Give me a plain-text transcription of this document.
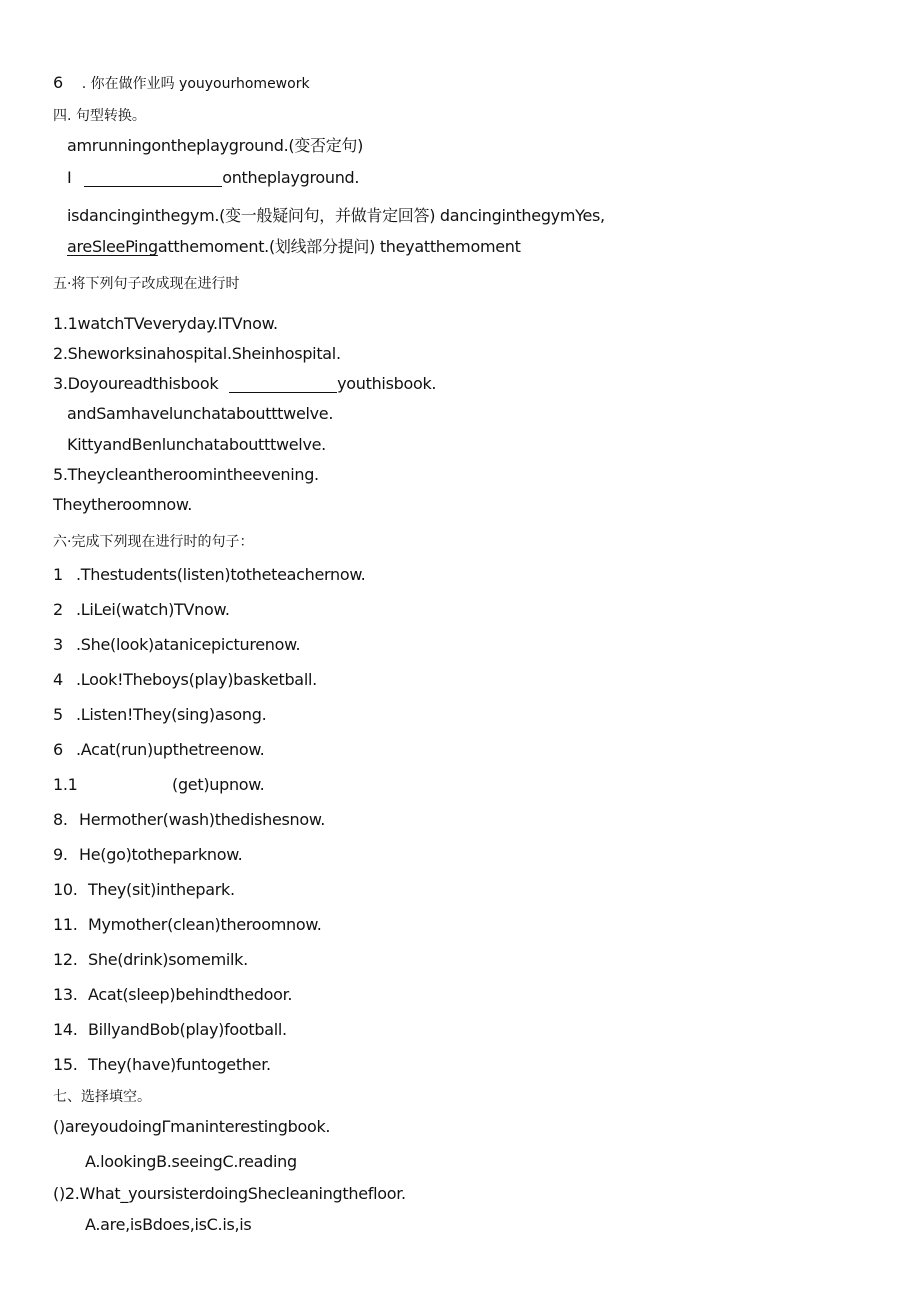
6 . 你在做作业吗 youyourhomework
四. 句型转换。
amrunningontheplayground.(变否定句)
I	ontheplayground.
isdancinginthegym.(变一般疑问句，并做肯定回答) dancinginthegymYes,
areSleePingatthemoment.(划线部分提问) theyatthemoment
五·将下列句子改成现在进行时
1.1watchTVeveryday.ITVnow.
2.Sheworksinahospital.Sheinhospital.
3.Doyoureadthisbook	youthisbook.
andSamhavelunchataboutttwelve.
KittyandBenlunchataboutttwelve.
5.Theycleantheroomintheevening.
Theytheroomnow.
六·完成下列现在进行时的句子：
1 .Thestudents(listen)totheteachernow.
2 .LiLei(watch)TVnow.
3 .She(look)atanicepicturenow.
4 .Look!Theboys(play)basketball.
5 .Listen!They(sing)asong.
6 .Acat(run)upthetreenow.
1.1	(get)upnow.
8. Hermother(wash)thedishesnow.
9. He(go)totheparknow.
10. They(sit)inthepark.
11. Mymother(clean)theroomnow.
12. She(drink)somemilk.
13. Acat(sleep)behindthedoor.
14. BillyandBob(play)football.
15. They(have)funtogether.
七、选择填空。
()areyoudoingΓmaninterestingbook.
A.lookingB.seeingC.reading
()2.What_yoursisterdoingShecleaningthefloor.
A.are,isBdoes,isC.is,is
